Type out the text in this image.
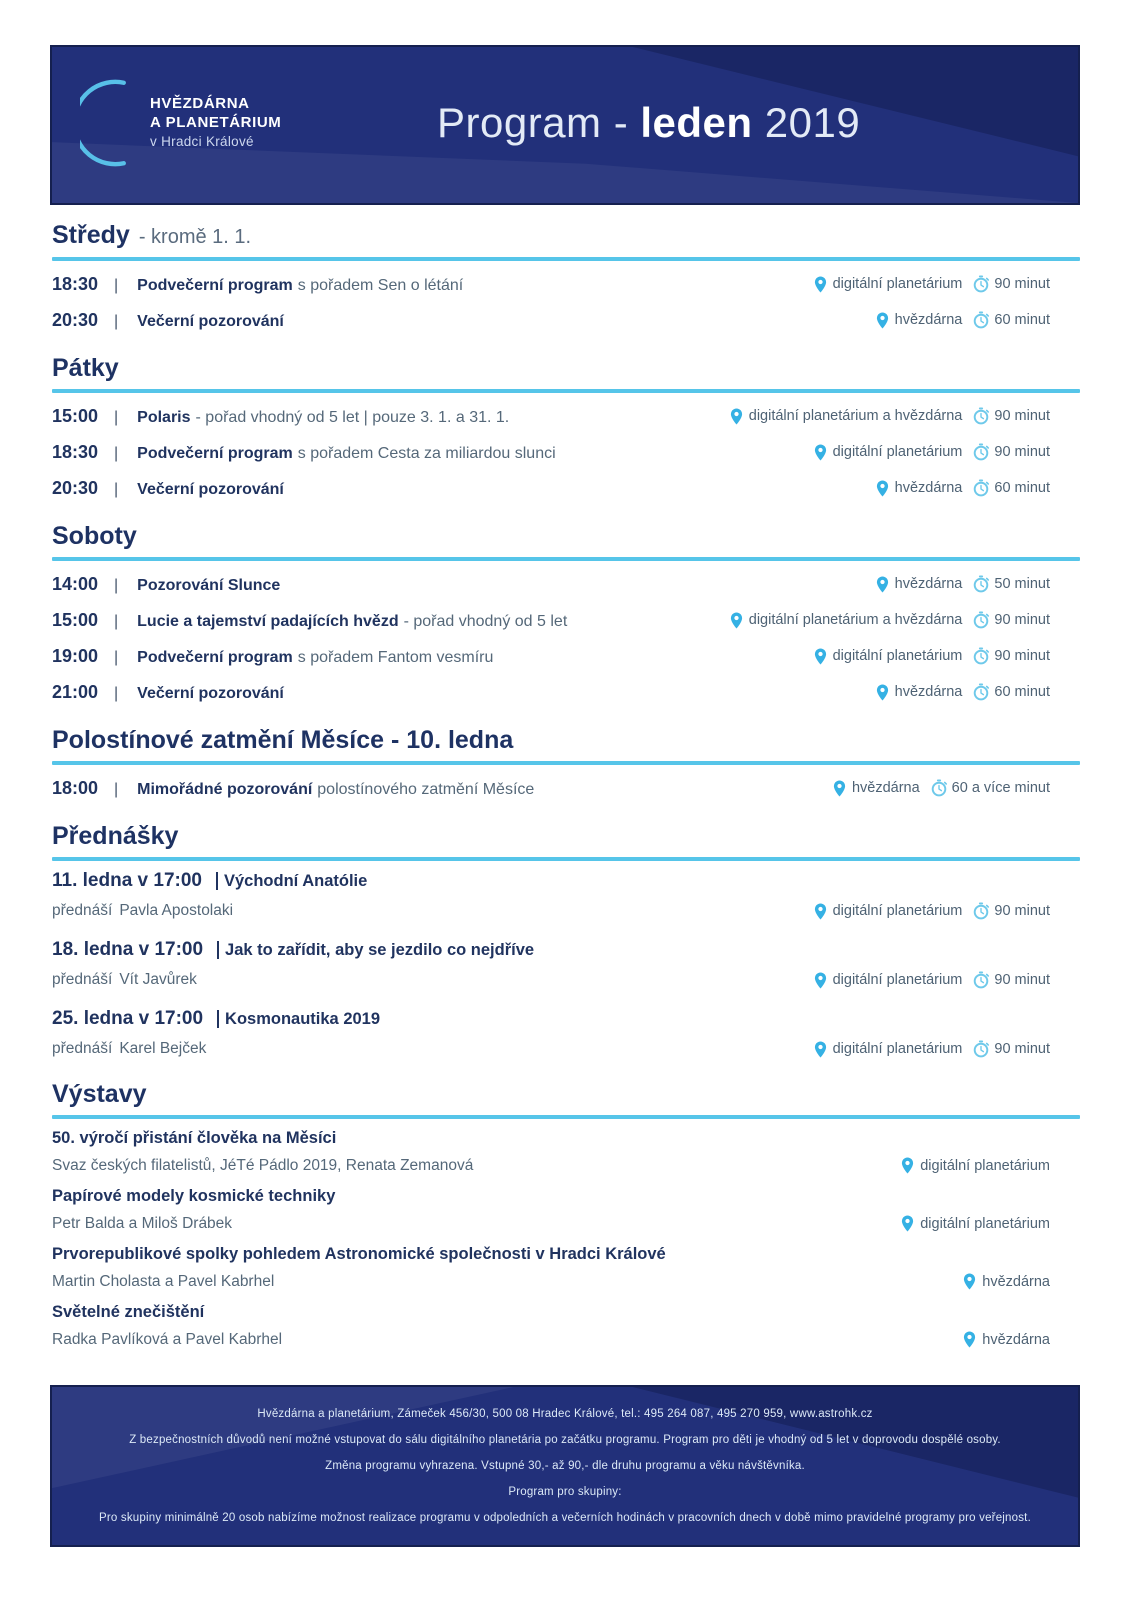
HVĚZDÁRNA
A PLANETÁRIUM
v Hradci Králové	Program - leden 2019
Středy - kromě 1. 1.
18:30 | Podvečerní program s pořadem Sen o létání	digitální planetárium 90 minut
20:30 | Večerní pozorování	hvězdárna 60 minut
Pátky
15:00 | Polaris - pořad vhodný od 5 let | pouze 3. 1. a 31. 1.	digitální planetárium a hvězdárna 90 minut
18:30 | Podvečerní program s pořadem Cesta za miliardou slunci	digitální planetárium 90 minut
20:30 | Večerní pozorování	hvězdárna 60 minut
Soboty
14:00 | Pozorování Slunce	hvězdárna 50 minut
15:00 | Lucie a tajemství padajících hvězd - pořad vhodný od 5 let	digitální planetárium a hvězdárna 90 minut
19:00 | Podvečerní program s pořadem Fantom vesmíru	digitální planetárium 90 minut
21:00 | Večerní pozorování	hvězdárna 60 minut
Polostínové zatmění Měsíce - 10. ledna
18:00 | Mimořádné pozorování polostínového zatmění Měsíce	hvězdárna 60 a více minut
Přednášky
11. ledna v 17:00 Východní Anatólie
přednáší Pavla Apostolaki	digitální planetárium 90 minut
18. ledna v 17:00 Jak to zařídit, aby se jezdilo co nejdříve
přednáší Vít Javůrek	digitální planetárium 90 minut
25. ledna v 17:00 Kosmonautika 2019
přednáší Karel Bejček	digitální planetárium 90 minut
Výstavy
50. výročí přistání člověka na Měsíci
Svaz českých filatelistů, JéTé Pádlo 2019, Renata Zemanová	digitální planetárium
Papírové modely kosmické techniky
Petr Balda a Miloš Drábek	digitální planetárium
Prvorepublikové spolky pohledem Astronomické společnosti v Hradci Králové
Martin Cholasta a Pavel Kabrhel	hvězdárna
Světelné znečištění
Radka Pavlíková a Pavel Kabrhel	hvězdárna
Hvězdárna a planetárium, Zámeček 456/30, 500 08 Hradec Králové, tel.: 495 264 087, 495 270 959, www.astrohk.cz
Z bezpečnostních důvodů není možné vstupovat do sálu digitálního planetária po začátku programu. Program pro děti je vhodný od 5 let v doprovodu dospělé osoby.
Změna programu vyhrazena. Vstupné 30,- až 90,- dle druhu programu a věku návštěvníka.
Program pro skupiny:
Pro skupiny minimálně 20 osob nabízíme možnost realizace programu v odpoledních a večerních hodinách v pracovních dnech v době mimo pravidelné programy pro veřejnost.
